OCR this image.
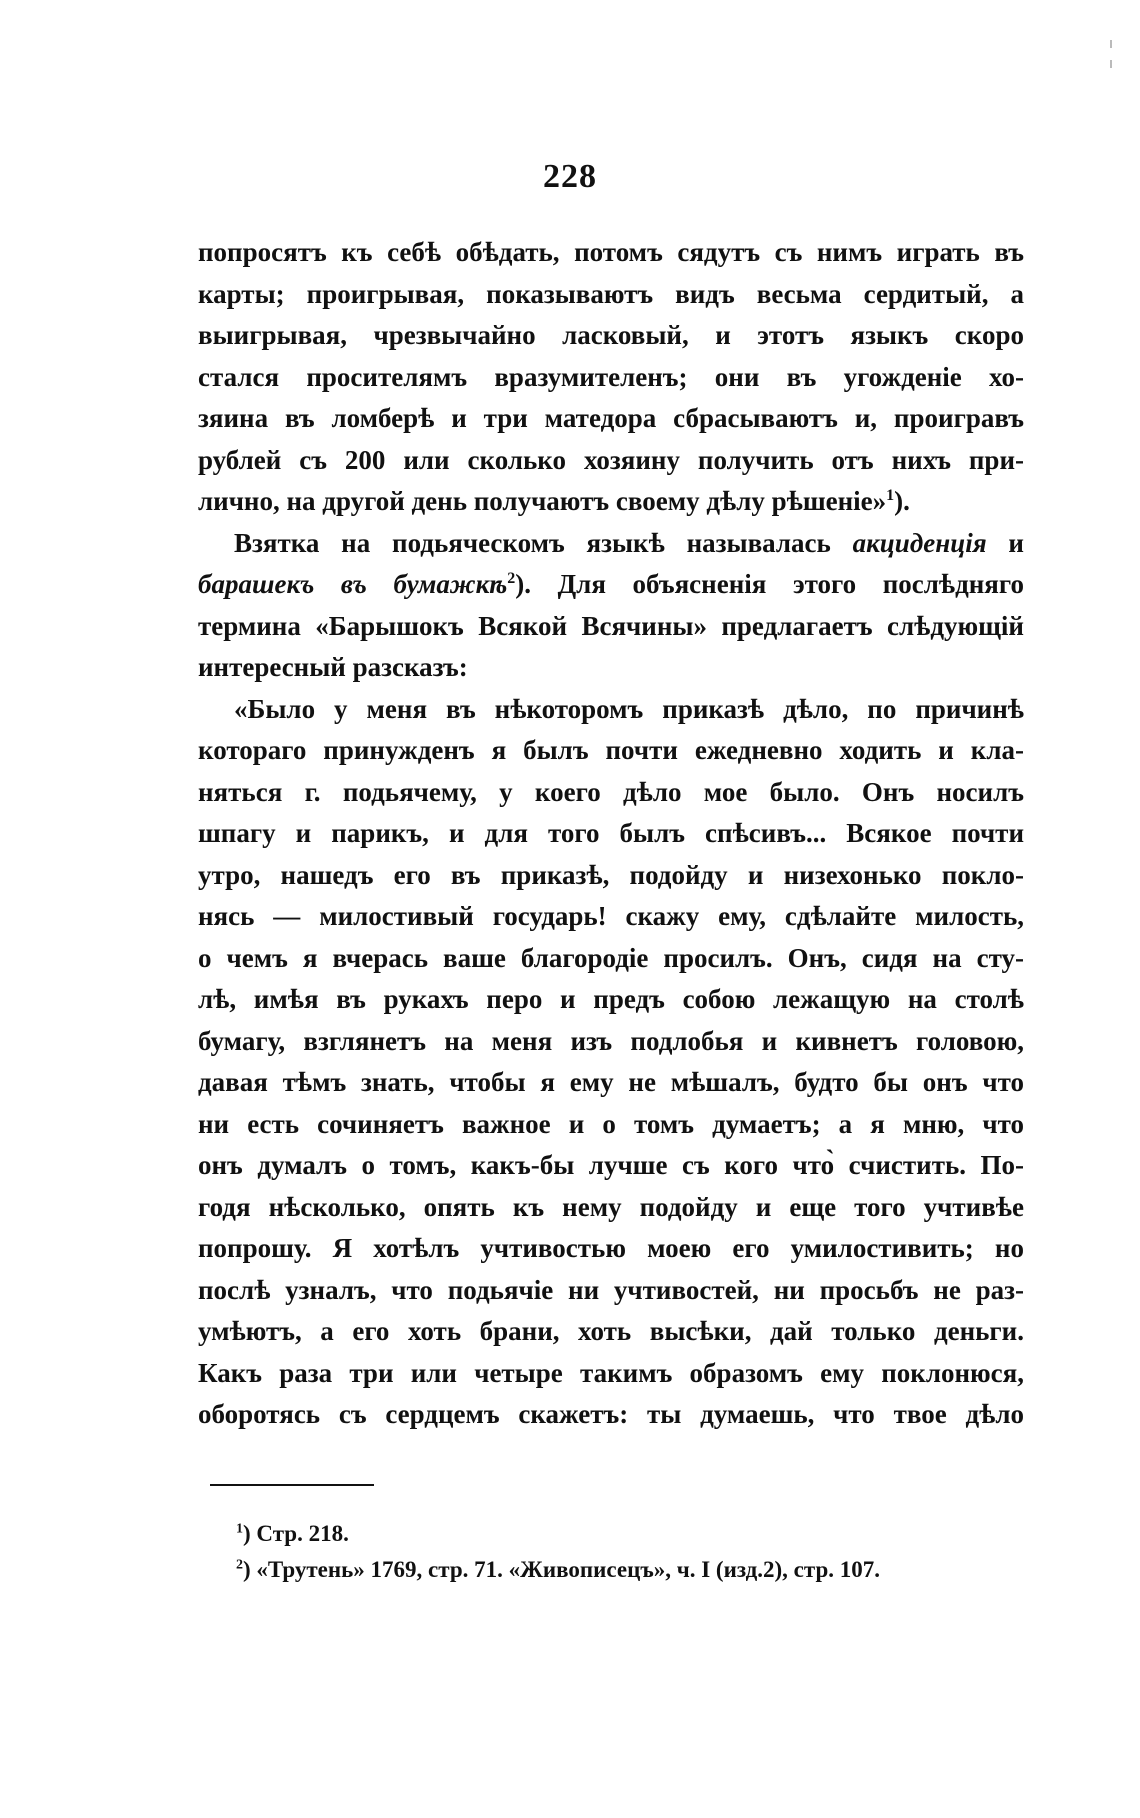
228
попросятъ къ себѣ обѣдать, потомъ сядутъ съ нимъ играть въ
карты; проигрывая, показываютъ видъ весьма сердитый, а
выигрывая, чрезвычайно ласковый, и этотъ языкъ скоро
сталcя просителямъ вразумителенъ; они въ угожденіе хо-
зяина въ ломберѣ и три матедора сбрасываютъ и, проигравъ
рублей съ 200 или сколько хозяину получить отъ нихъ при-
лично, на другой день получаютъ своему дѣлу рѣшеніе»$^1$).
Взятка на подьяческомъ языкѣ называлась акциденція и
барашекъ въ бумажкѣ$^2$). Для объясненія этого послѣдняго
термина «Барышокъ Всякой Всячины» предлагаетъ слѣдующій
интересный разсказъ:
«Было у меня въ нѣкоторомъ приказѣ дѣло, по причинѣ
котораго принужденъ я былъ почти ежедневно ходить и кла-
няться г. подьячему, у коего дѣло мое было. Онъ носилъ
шпагу и парикъ, и для того былъ спѣсивъ... Всякое почти
утро, нашедъ его въ приказѣ, подойду и низехонько покло-
нясь — милостивый государь! скажу ему, сдѣлайте милость,
о чемъ я вчерась ваше благородіе просилъ. Онъ, сидя на сту-
лѣ, имѣя въ рукахъ перо и предъ собою лежащую на столѣ
бумагу, взглянетъ на меня изъ подлобья и кивнетъ головою,
давая тѣмъ знать, чтобы я ему не мѣшалъ, будто бы онъ что
ни есть сочиняетъ важное и о томъ думаетъ; а я мню, что
онъ думалъ о томъ, какъ-бы лучше съ кого что̀ счистить. По-
годя нѣсколько, опять къ нему подойду и еще того учтивѣе
попрошу. Я хотѣлъ учтивостью моею его умилостивить; но
послѣ узналъ, что подьячіе ни учтивостей, ни просьбъ не раз-
умѣютъ, а его хоть брани, хоть высѣки, дай только деньги.
Какъ раза три или четыре такимъ образомъ ему поклонюся,
оборотясь съ сердцемъ скажетъ: ты думаешь, что твое дѣло
$^1$) Стр. 218.
$^2$) «Трутень» 1769, стр. 71. «Живописецъ», ч. I (изд.2), стр. 107.
